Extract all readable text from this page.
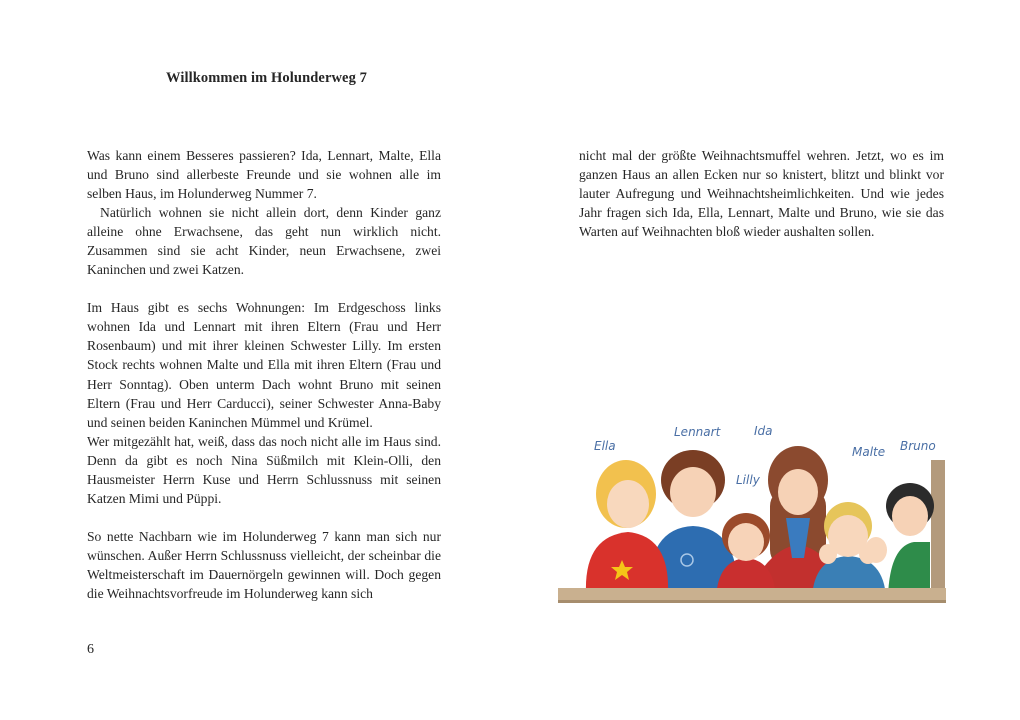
Willkommen im Holunderweg 7

Was kann einem Besseres passieren? Ida, Lennart, Malte, Ella und Bruno sind allerbeste Freunde und sie wohnen alle im selben Haus, im Holunderweg Nummer 7.

Natürlich wohnen sie nicht allein dort, denn Kinder ganz alleine ohne Erwachsene, das geht nun wirklich nicht. Zusammen sind sie acht Kinder, neun Erwachsene, zwei Kaninchen und zwei Katzen.

Im Haus gibt es sechs Wohnungen: Im Erdgeschoss links wohnen Ida und Lennart mit ihren Eltern (Frau und Herr Rosenbaum) und mit ihrer kleinen Schwester Lilly. Im ersten Stock rechts wohnen Malte und Ella mit ihren Eltern (Frau und Herr Sonntag). Oben unterm Dach wohnt Bruno mit seinen Eltern (Frau und Herr Carducci), seiner Schwester Anna-Baby und seinen beiden Kaninchen Mümmel und Krümel.

Wer mitgezählt hat, weiß, dass das noch nicht alle im Haus sind. Denn da gibt es noch Nina Süßmilch mit Klein-Olli, den Hausmeister Herrn Kuse und Herrn Schlussnuss mit seinen Katzen Mimi und Püppi.

So nette Nachbarn wie im Holunderweg 7 kann man sich nur wünschen. Außer Herrn Schlussnuss vielleicht, der scheinbar die Weltmeisterschaft im Dauernörgeln gewinnen will. Doch gegen die Weihnachtsvorfreude im Holunderweg kann sich

6

nicht mal der größte Weihnachtsmuffel wehren. Jetzt, wo es im ganzen Haus an allen Ecken nur so knistert, blitzt und blinkt vor lauter Aufregung und Weihnachtsheimlichkeiten. Und wie jedes Jahr fragen sich Ida, Ella, Lennart, Malte und Bruno, wie sie das Warten auf Weihnachten bloß wieder aushalten sollen.

Ella
Lennart	Ida
Lilly
Malte Bruno
